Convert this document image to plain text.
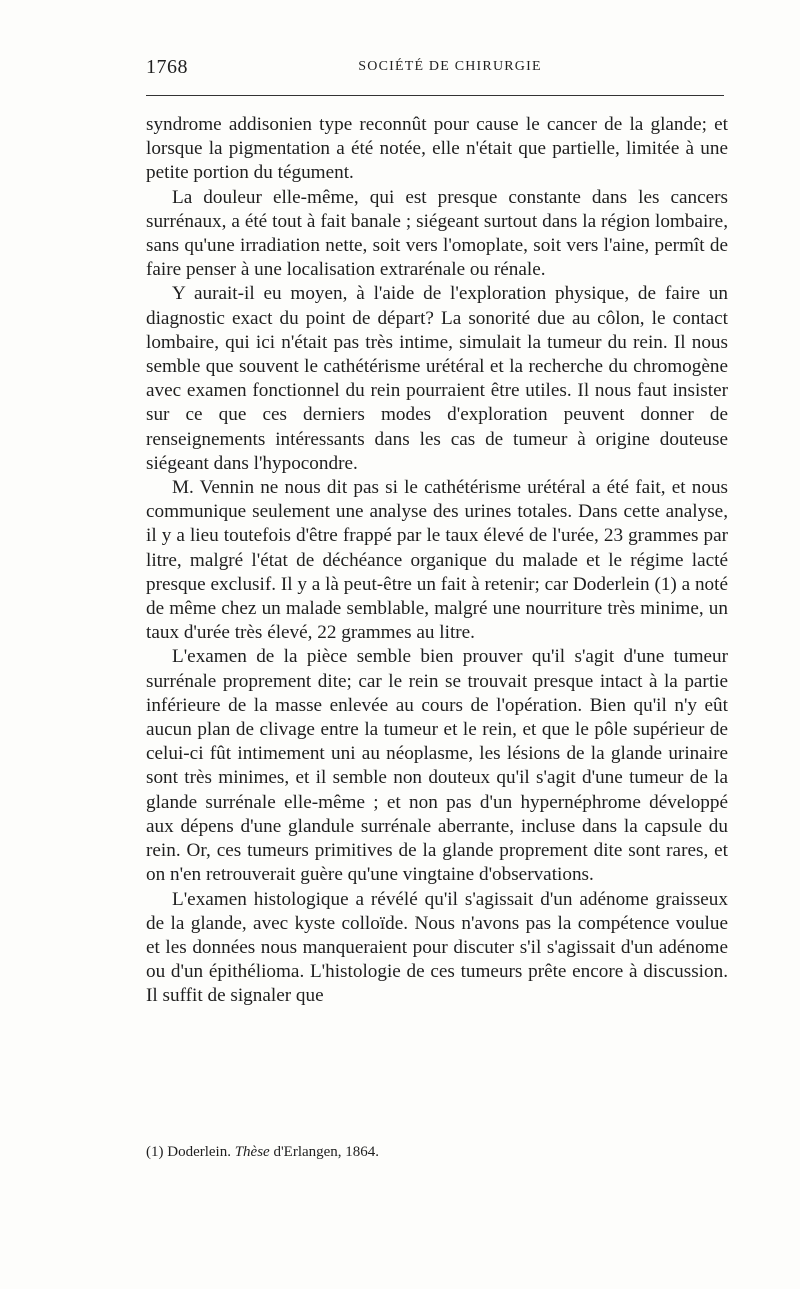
1768	SOCIÉTÉ DE CHIRURGIE

syndrome addisonien type reconnût pour cause le cancer de la glande; et lorsque la pigmentation a été notée, elle n'était que partielle, limitée à une petite portion du tégument.

La douleur elle-même, qui est presque constante dans les cancers surrénaux, a été tout à fait banale ; siégeant surtout dans la région lombaire, sans qu'une irradiation nette, soit vers l'omoplate, soit vers l'aine, permît de faire penser à une localisation extrarénale ou rénale.

Y aurait-il eu moyen, à l'aide de l'exploration physique, de faire un diagnostic exact du point de départ? La sonorité due au côlon, le contact lombaire, qui ici n'était pas très intime, simulait la tumeur du rein. Il nous semble que souvent le cathétérisme urétéral et la recherche du chromogène avec examen fonctionnel du rein pourraient être utiles. Il nous faut insister sur ce que ces derniers modes d'exploration peuvent donner de renseignements intéressants dans les cas de tumeur à origine douteuse siégeant dans l'hypocondre.

M. Vennin ne nous dit pas si le cathétérisme urétéral a été fait, et nous communique seulement une analyse des urines totales. Dans cette analyse, il y a lieu toutefois d'être frappé par le taux élevé de l'urée, 23 grammes par litre, malgré l'état de déchéance organique du malade et le régime lacté presque exclusif. Il y a là peut-être un fait à retenir; car Doderlein (1) a noté de même chez un malade semblable, malgré une nourriture très minime, un taux d'urée très élevé, 22 grammes au litre.

L'examen de la pièce semble bien prouver qu'il s'agit d'une tumeur surrénale proprement dite; car le rein se trouvait presque intact à la partie inférieure de la masse enlevée au cours de l'opération. Bien qu'il n'y eût aucun plan de clivage entre la tumeur et le rein, et que le pôle supérieur de celui-ci fût intimement uni au néoplasme, les lésions de la glande urinaire sont très minimes, et il semble non douteux qu'il s'agit d'une tumeur de la glande surrénale elle-même ; et non pas d'un hypernéphrome développé aux dépens d'une glandule surrénale aberrante, incluse dans la capsule du rein. Or, ces tumeurs primitives de la glande proprement dite sont rares, et on n'en retrouverait guère qu'une vingtaine d'observations.

L'examen histologique a révélé qu'il s'agissait d'un adénome graisseux de la glande, avec kyste colloïde. Nous n'avons pas la compétence voulue et les données nous manqueraient pour discuter s'il s'agissait d'un adénome ou d'un épithélioma. L'histologie de ces tumeurs prête encore à discussion. Il suffit de signaler que

(1) Doderlein. Thèse d'Erlangen, 1864.
